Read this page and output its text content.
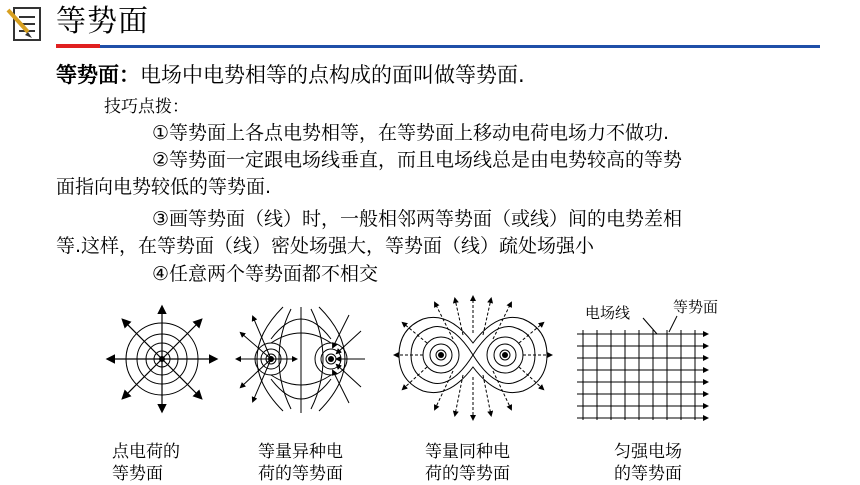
等势面
等势面：电场中电势相等的点构成的面叫做等势面.
技巧点拨：
①等势面上各点电势相等，在等势面上移动电荷电场力不做功.
②等势面一定跟电场线垂直，而且电场线总是由电势较高的等势
面指向电势较低的等势面.
③画等势面（线）时，一般相邻两等势面（或线）间的电势差相
等.这样，在等势面（线）密处场强大，等势面（线）疏处场强小
④任意两个等势面都不相交
点电荷的
等势面
等量异种电
荷的等势面
等量同种电
荷的等势面
电场线	等势面
匀强电场
的等势面
